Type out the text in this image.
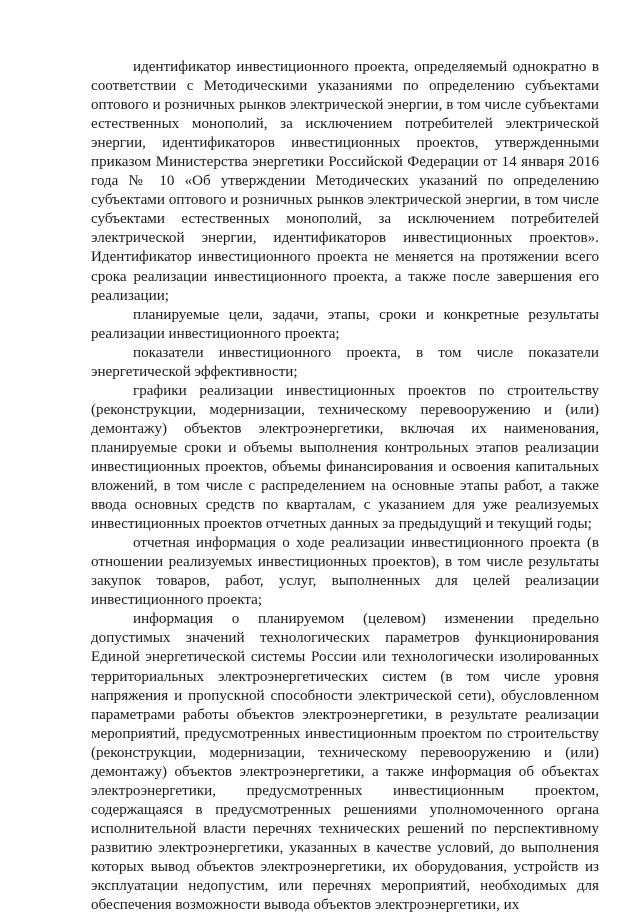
идентификатор инвестиционного проекта, определяемый однократно в соответствии с Методическими указаниями по определению субъектами оптового и розничных рынков электрической энергии, в том числе субъектами естественных монополий, за исключением потребителей электрической энергии, идентификаторов инвестиционных проектов, утвержденными приказом Министерства энергетики Российской Федерации от 14 января 2016 года № 10 «Об утверждении Методических указаний по определению субъектами оптового и розничных рынков электрической энергии, в том числе субъектами естественных монополий, за исключением потребителей электрической энергии, идентификаторов инвестиционных проектов». Идентификатор инвестиционного проекта не меняется на протяжении всего срока реализации инвестиционного проекта, а также после завершения его реализации;

планируемые цели, задачи, этапы, сроки и конкретные результаты реализации инвестиционного проекта;

показатели инвестиционного проекта, в том числе показатели энергетической эффективности;

графики реализации инвестиционных проектов по строительству (реконструкции, модернизации, техническому перевооружению и (или) демонтажу) объектов электроэнергетики, включая их наименования, планируемые сроки и объемы выполнения контрольных этапов реализации инвестиционных проектов, объемы финансирования и освоения капитальных вложений, в том числе с распределением на основные этапы работ, а также ввода основных средств по кварталам, с указанием для уже реализуемых инвестиционных проектов отчетных данных за предыдущий и текущий годы;

отчетная информация о ходе реализации инвестиционного проекта (в отношении реализуемых инвестиционных проектов), в том числе результаты закупок товаров, работ, услуг, выполненных для целей реализации инвестиционного проекта;

информация о планируемом (целевом) изменении предельно допустимых значений технологических параметров функционирования Единой энергетической системы России или технологически изолированных территориальных электроэнергетических систем (в том числе уровня напряжения и пропускной способности электрической сети), обусловленном параметрами работы объектов электроэнергетики, в результате реализации мероприятий, предусмотренных инвестиционным проектом по строительству (реконструкции, модернизации, техническому перевооружению и (или) демонтажу) объектов электроэнергетики, а также информация об объектах электроэнергетики, предусмотренных инвестиционным проектом, содержащаяся в предусмотренных решениями уполномоченного органа исполнительной власти перечнях технических решений по перспективному развитию электроэнергетики, указанных в качестве условий, до выполнения которых вывод объектов электроэнергетики, их оборудования, устройств из эксплуатации недопустим, или перечнях мероприятий, необходимых для обеспечения возможности вывода объектов электроэнергетики, их
